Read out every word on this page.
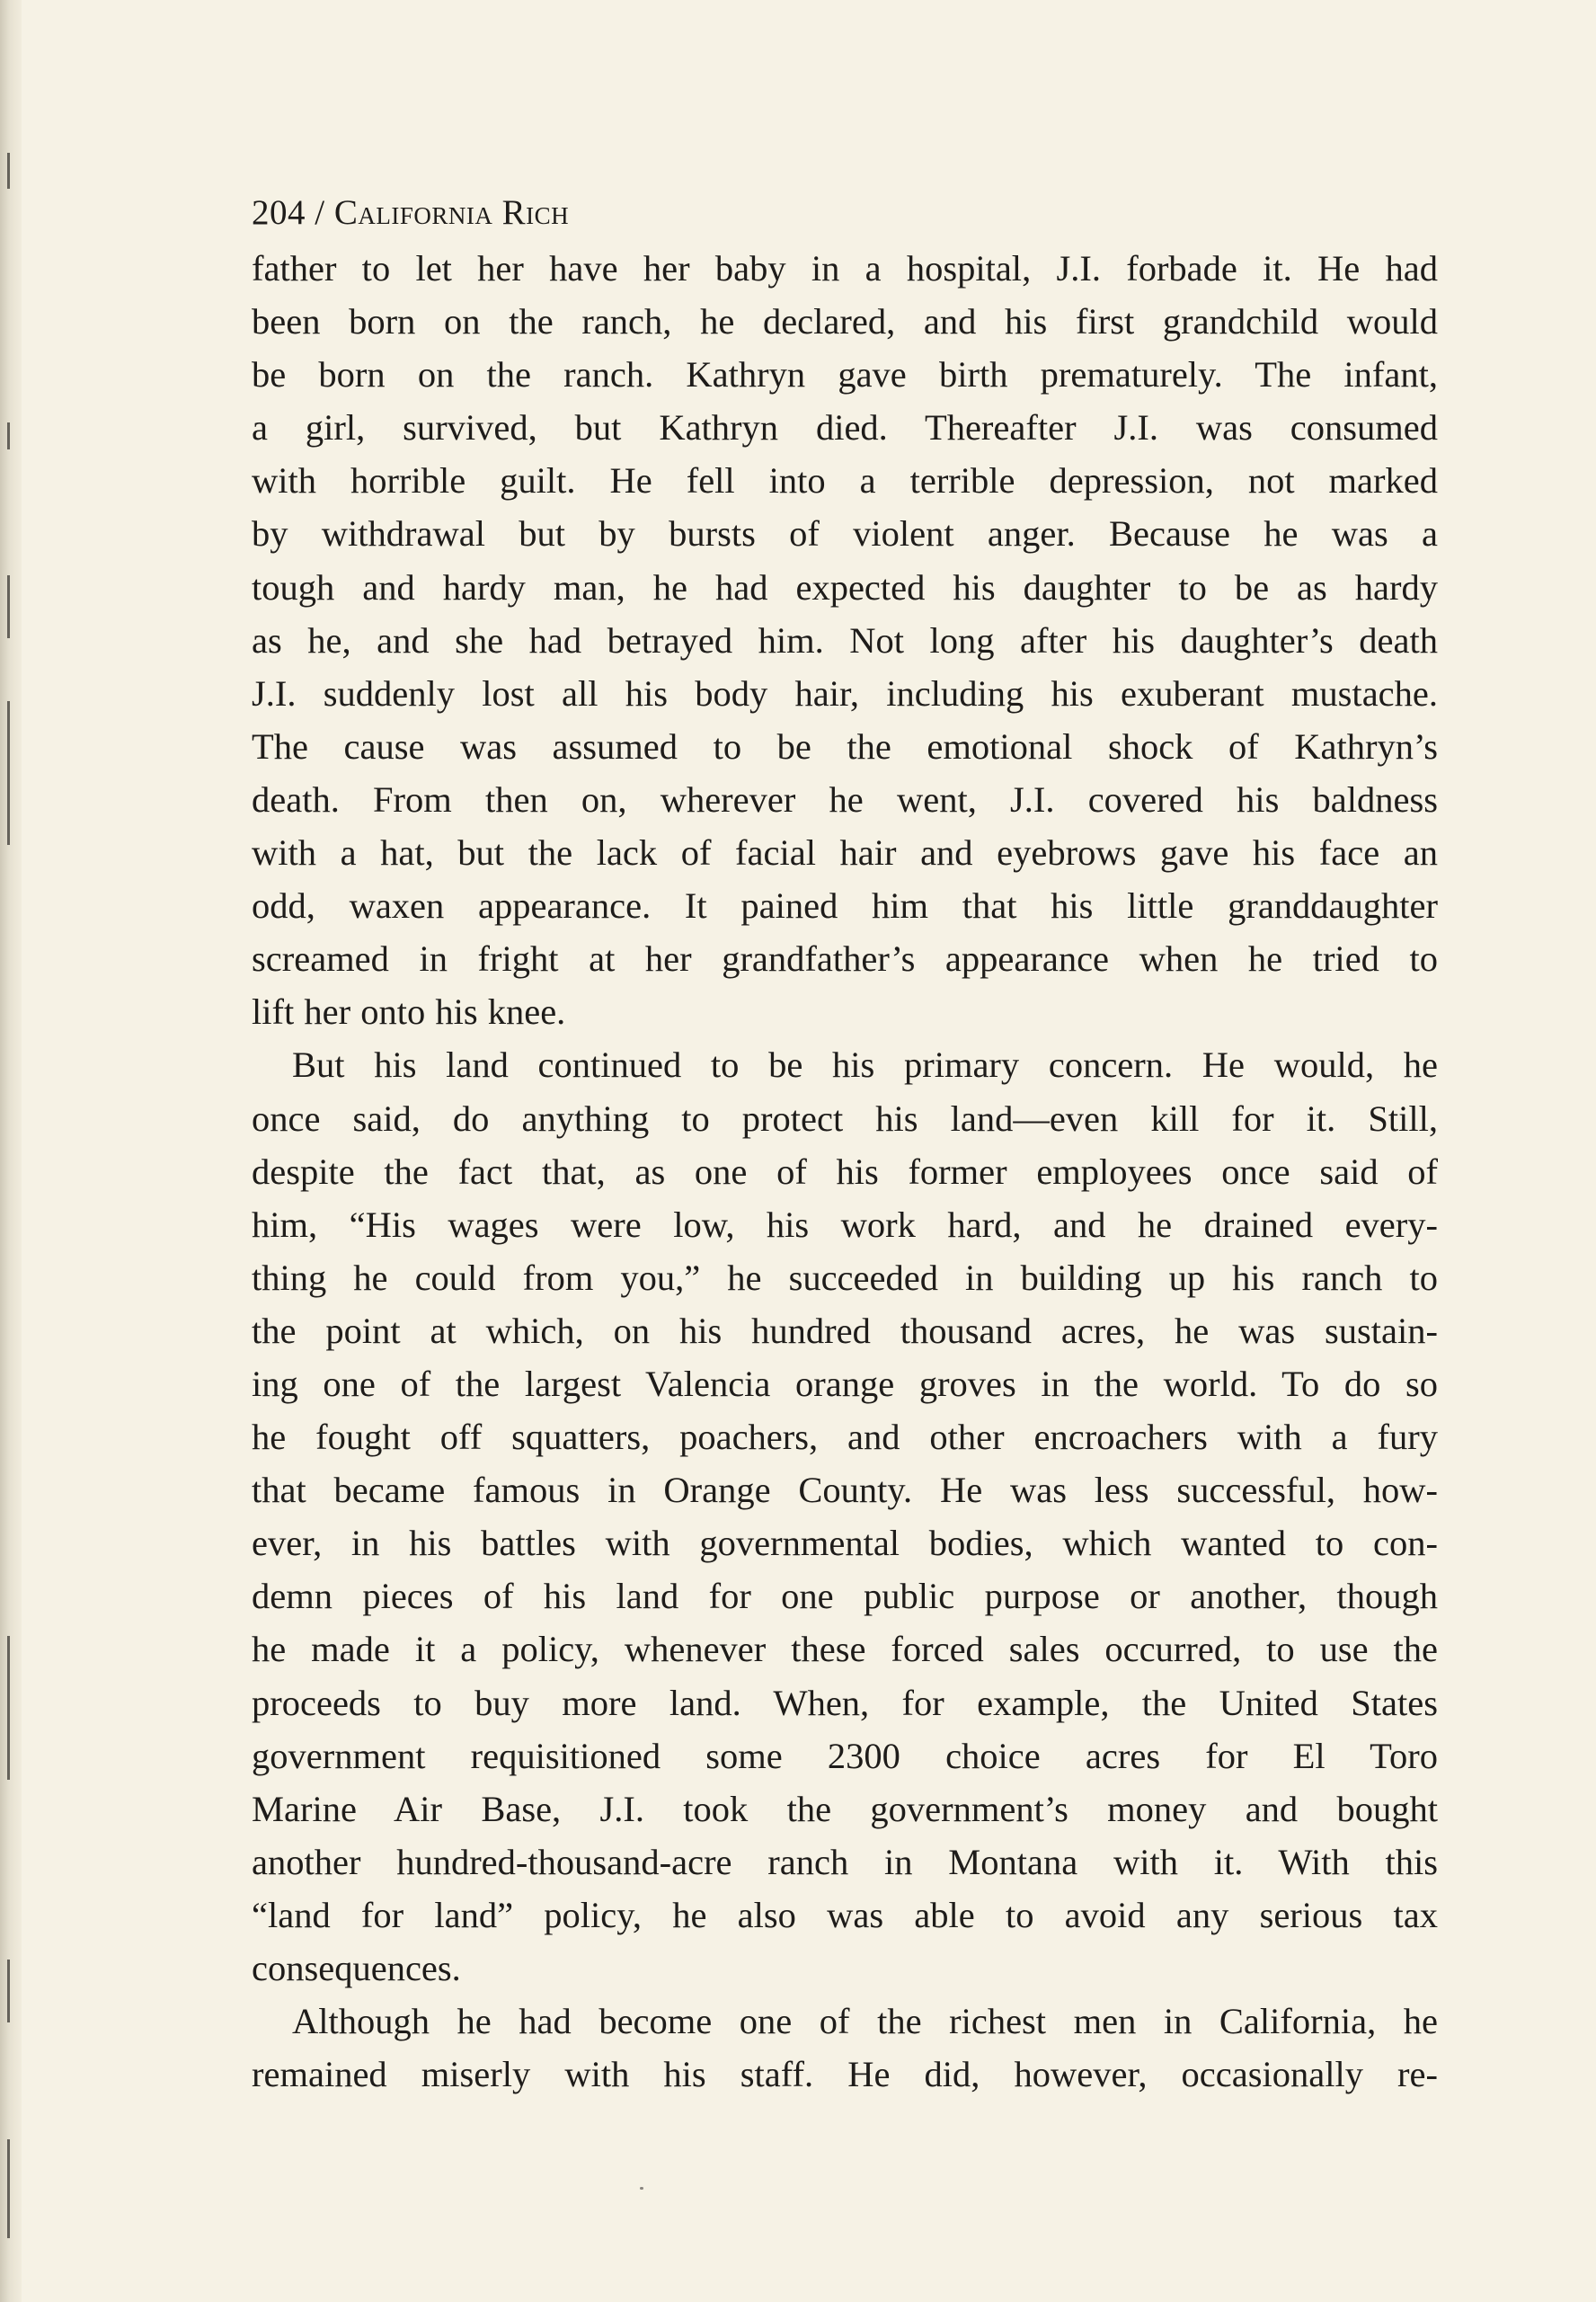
204 / California Rich
father to let her have her baby in a hospital, J.I. forbade it. He had
been born on the ranch, he declared, and his first grandchild would
be born on the ranch. Kathryn gave birth prematurely. The infant,
a girl, survived, but Kathryn died. Thereafter J.I. was consumed
with horrible guilt. He fell into a terrible depression, not marked
by withdrawal but by bursts of violent anger. Because he was a
tough and hardy man, he had expected his daughter to be as hardy
as he, and she had betrayed him. Not long after his daughter’s death
J.I. suddenly lost all his body hair, including his exuberant mustache.
The cause was assumed to be the emotional shock of Kathryn’s
death. From then on, wherever he went, J.I. covered his baldness
with a hat, but the lack of facial hair and eyebrows gave his face an
odd, waxen appearance. It pained him that his little granddaughter
screamed in fright at her grandfather’s appearance when he tried to
lift her onto his knee.
But his land continued to be his primary concern. He would, he
once said, do anything to protect his land—even kill for it. Still,
despite the fact that, as one of his former employees once said of
him, “His wages were low, his work hard, and he drained every-
thing he could from you,” he succeeded in building up his ranch to
the point at which, on his hundred thousand acres, he was sustain-
ing one of the largest Valencia orange groves in the world. To do so
he fought off squatters, poachers, and other encroachers with a fury
that became famous in Orange County. He was less successful, how-
ever, in his battles with governmental bodies, which wanted to con-
demn pieces of his land for one public purpose or another, though
he made it a policy, whenever these forced sales occurred, to use the
proceeds to buy more land. When, for example, the United States
government requisitioned some 2300 choice acres for El Toro
Marine Air Base, J.I. took the government’s money and bought
another hundred-thousand-acre ranch in Montana with it. With this
“land for land” policy, he also was able to avoid any serious tax
consequences.
Although he had become one of the richest men in California, he
remained miserly with his staff. He did, however, occasionally re-
